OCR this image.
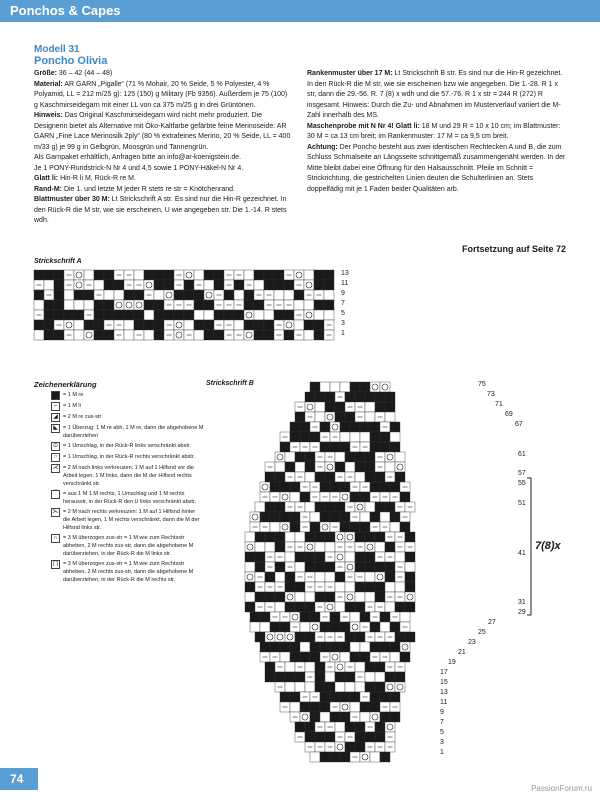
Ponchos & Capes
Modell 31
Poncho Olivia

Größe: 36 – 42 (44 – 48)

Material: AR GARN „Pigalle“ (71 % Mohair, 20 % Seide, 5 % Polyester, 4 % Polyamid, LL = 212 m/25 g): 125 (150) g Military (Fb 9356). Außerdem je 75 (100) g Kaschmirseidegarn mit einer LL von ca 375 m/25 g in drei Grüntönen.

Hinweis: Das Original Kaschmirseidegarn wird nicht mehr produziert. Die Designerin bietet als Alternative mit Öko-Kaltfarbe gefärbte feine Merinoseide: AR GARN „Fine Lace Merinosilk 2ply“ (80 % extrafeines Merino, 20 % Seide, LL = 400 m/33 g) je 99 g in Gelbgrün, Moosgrün und Tannengrün.

Als Garnpaket erhältlich, Anfragen bitte an info@ar-koenigstein.de.

Je 1 PONY-Rundstrick-N Nr 4 und 4,5 sowie 1 PONY-Häkel-N Nr 4.

Glatt li: Hin-R li M, Rück-R re M.

Rand-M: Die 1. und letzte M jeder R stets re str = Knötchenrand.

Blattmuster über 30 M: Lt Strickschrift A str. Es sind nur die Hin-R gezeichnet. In den Rück-R die M str, wie sie erscheinen, U wie angegeben str. Die 1.-14. R stets wdh.

Rankenmuster über 17 M: Lt Strickschrift B str. Es sind nur die Hin-R gezeichnet. In den Rück-R die M str, wie sie erscheinen bzw wie angegeben. Die 1.-28. R 1 x str, dann die 29.-56. R. 7 (8) x wdh und die 57.-76. R 1 x str = 244 R (272) R insgesamt. Hinweis: Durch die Zu- und Abnahmen im Musterverlauf variiert die M-Zahl innerhalb des MS.

Maschenprobe mit N Nr 4! Glatt li: 18 M und 29 R = 10 x 10 cm; im Blattmuster: 30 M = ca 13 cm breit; im Rankenmuster: 17 M = ca 9,5 cm breit.

Achtung: Der Poncho besteht aus zwei identischen Rechtecken A und B, die zum Schluss Schmalseite an Längsseite schnittgemäß zusammengenäht werden. In der Mitte bleibt dabei eine Öffnung für den Halsausschnitt. Pfeile im Schnitt = Strickrichtung, die gestrichelten Linien deuten die Schulterlinien an. Stets doppelfädig mit je 1 Faden beider Qualitäten arb.

Fortsetzung auf Seite 72
Strickschrift A
Zeichenerklärung	Strickschrift B
13
11
9
7
5
3
1
75
73
71
69
67
61
57
55
51
41
31
29
27
25
23
21
19
17
15
13
11
9
7
5
3
1
7(8)x
= 1 M re
–	= 1 M li
◢ = 2 M re zus-str
◣ = 1 Überzug: 1 M re abh, 1 M re, dann die abgehobene M darüberziehen
⊙ = 1 Umschlag, in der Rück-R links verschränkt abstr.
○	= 1 Umschlag, in der Rück-R rechts verschränkt abstr.
⋌ = 2 M nach links verkreuzen: 1 M auf 1 Hilfsnd vor die Arbeit legen, 1 M links, dann die M der Hilfsnd rechts verschränkt str.
⌒ = aus 1 M 1 M rechts, 1 Umschlag und 1 M rechts herausstr, in der Rück-R den U links verschränkt abstr.
⋋ = 2 M nach rechts verkreuzen: 1 M auf 1 Hilfsnd hinter die Arbeit legen, 1 M rechts verschränkt, dann die M der Hilfsnd links str.
∩ = 3 M überzogen zus-str = 1 M wie zum Rechtsstr abheben, 2 M rechts zus-str, dann die abgehobene M darüberziehen, in der Rück-R die M links str.
⋂ = 3 M überzogen zus-str = 1 M wie zum Rechtsstr abheben, 2 M rechts zus-str, dann die abgehobene M darüberziehen, in der Rück-R die M rechts str.
74
PassionForum.ru
